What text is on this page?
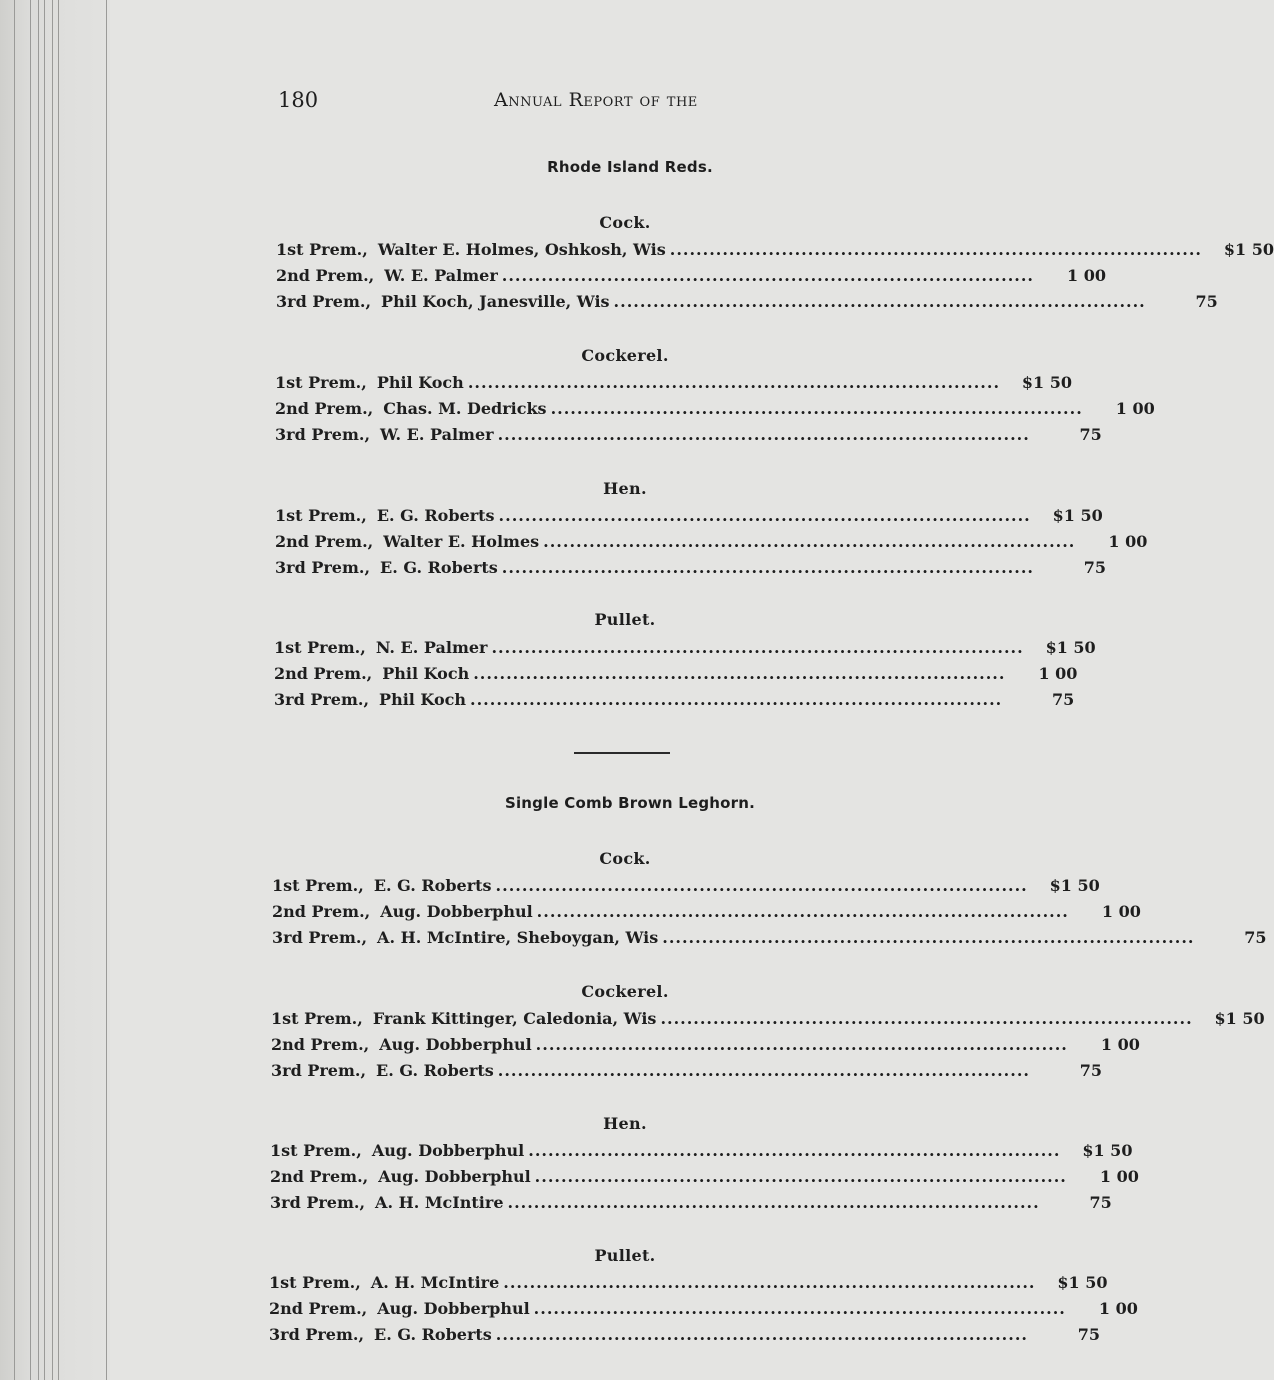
180	Annual Report of the
Rhode Island Reds.
Cock.
1st Prem., Walter E. Holmes, Oshkosh, Wis .................................................................................	$1 50
2nd Prem., W. E. Palmer .................................................................................	1 00
3rd Prem., Phil Koch, Janesville, Wis .................................................................................	75
Cockerel.
1st Prem., Phil Koch .................................................................................	$1 50
2nd Prem., Chas. M. Dedricks .................................................................................	1 00
3rd Prem., W. E. Palmer .................................................................................	75
Hen.
1st Prem., E. G. Roberts .................................................................................	$1 50
2nd Prem., Walter E. Holmes .................................................................................	1 00
3rd Prem., E. G. Roberts .................................................................................	75
Pullet.
1st Prem., N. E. Palmer .................................................................................	$1 50
2nd Prem., Phil Koch .................................................................................	1 00
3rd Prem., Phil Koch .................................................................................	75
Single Comb Brown Leghorn.
Cock.
1st Prem., E. G. Roberts .................................................................................	$1 50
2nd Prem., Aug. Dobberphul .................................................................................	1 00
3rd Prem., A. H. McIntire, Sheboygan, Wis .................................................................................	75
Cockerel.
1st Prem., Frank Kittinger, Caledonia, Wis .................................................................................	$1 50
2nd Prem., Aug. Dobberphul .................................................................................	1 00
3rd Prem., E. G. Roberts .................................................................................	75
Hen.
1st Prem., Aug. Dobberphul .................................................................................	$1 50
2nd Prem., Aug. Dobberphul .................................................................................	1 00
3rd Prem., A. H. McIntire .................................................................................	75
Pullet.
1st Prem., A. H. McIntire .................................................................................	$1 50
2nd Prem., Aug. Dobberphul .................................................................................	1 00
3rd Prem., E. G. Roberts .................................................................................	75
